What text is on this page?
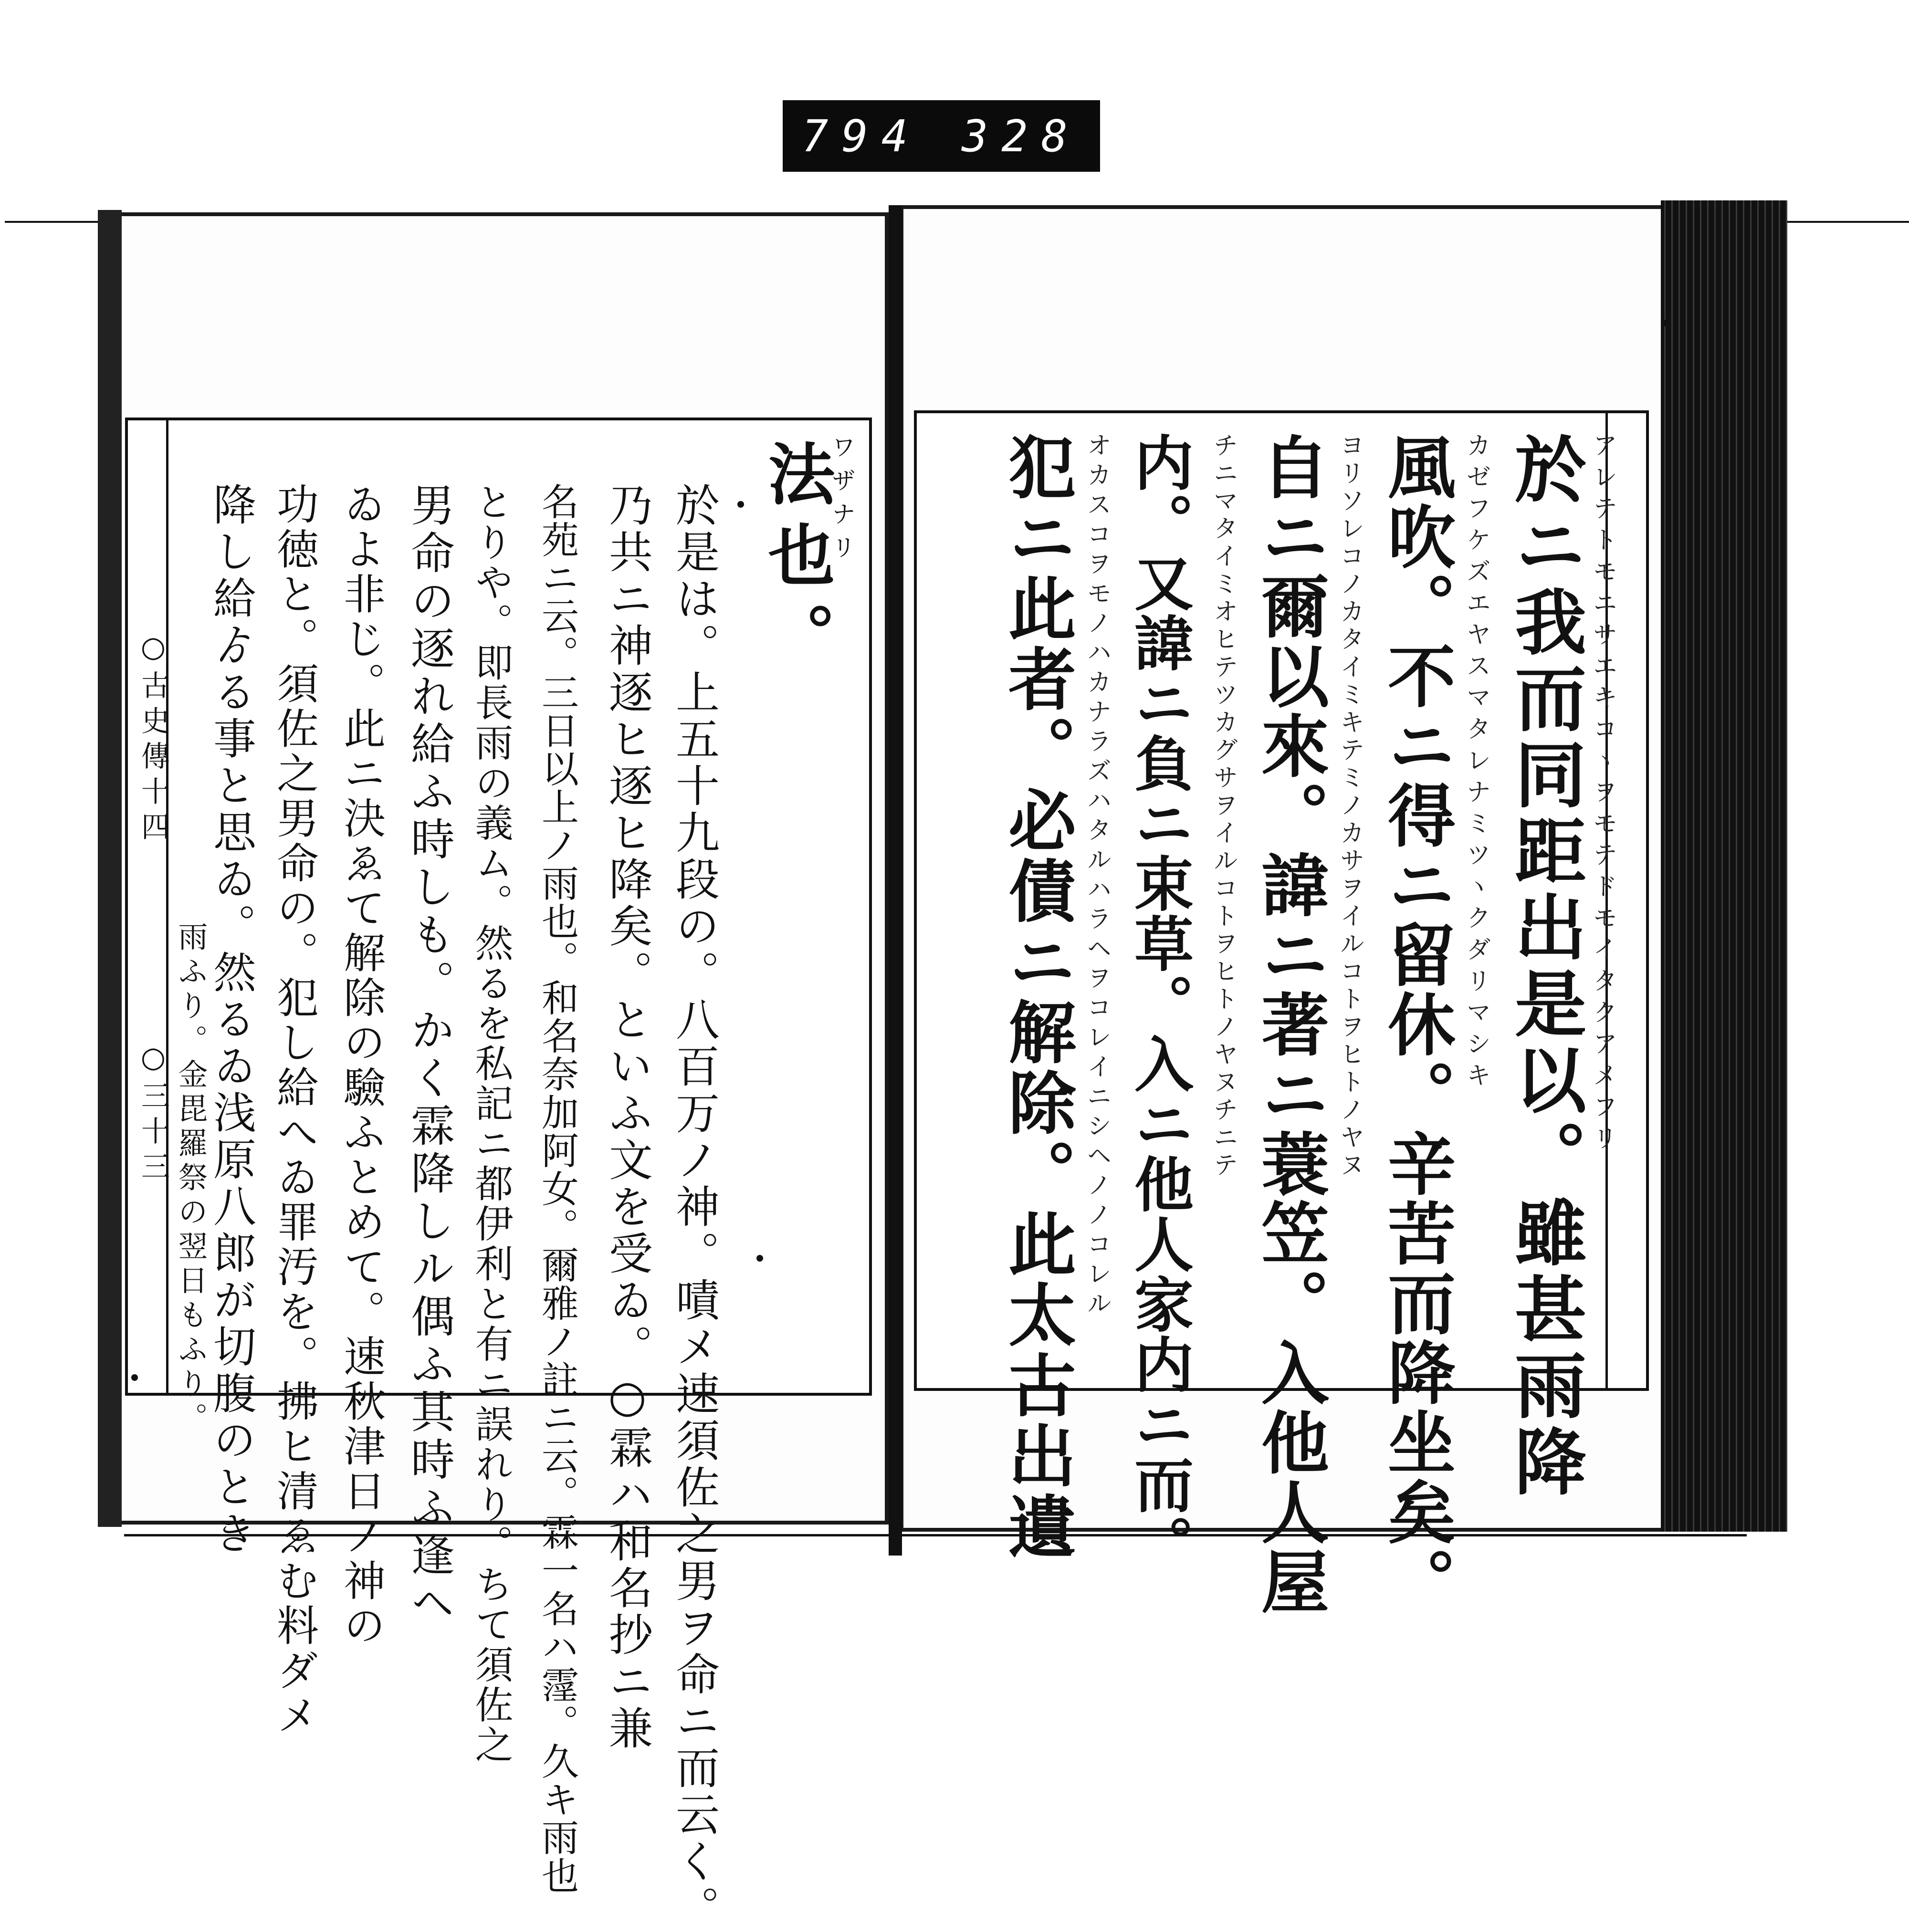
794 328
○古史傳十四
○三十三
法也。
ワザナリ
於是は。上五十九段の。八百万ノ神。嘖メ速須佐之男ヲ命ニ而云く。
乃共ニ神逐ヒ逐ヒ降矣。といふ文を受ゐ。○霖ハ和名抄ニ兼
名苑ニ云。三日以上ノ雨也。和名奈加阿女。爾雅ノ註ニ云。霖一名ハ霪。久キ雨也
とりや。即長雨の義ム。然るを私記ニ都伊利と有ニ誤れり。ちて須佐之
男命の逐れ給ふ時しも。かく霖降しル偶ふ其時ふ逢ヘ
ゐよ非じ。此ニ決ゑて解除の驗ふとめて。速秋津日ノ神の
功徳と。須佐之男命の。犯し給へゐ罪汚を。拂ヒ清ゑむ料ダメ
降し給ゟる事と思ゐ。然るゐ浅原八郎が切腹のとき
雨ふり。金毘羅祭の翌日もふり。	於ニ我而同距出是以。雖甚雨降 アレテトモニサエキコヽヲモテドモイタクアメフリ
風吹。不ニ得ニ留休。辛苦而降坐矣。 カゼフケズエヤスマタレナミツヽクダリマシキ
自ニ爾以來。諱ニ著ニ蓑笠。入他人屋 ヨリソレコノカタイミキテミノカサヲイルコトヲヒトノヤヌ
内。又諱ニ負ニ束草。入ニ他人家内ニ而。 チニマタイミオヒテツカグサヲイルコトヲヒトノヤヌチニテ
犯ニ此者。必債ニ解除。此太古出遺 オカスコヲモノハカナラズハタルハラヘヲコレイニシヘノノコレル
